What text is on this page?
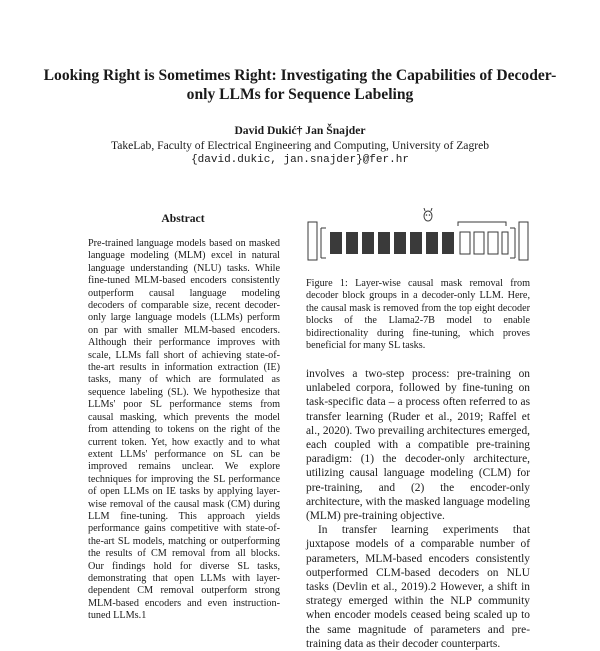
Looking Right is Sometimes Right: Investigating the Capabilities of Decoder-only LLMs for Sequence Labeling
David Dukić† Jan Šnajder
TakeLab, Faculty of Electrical Engineering and Computing, University of Zagreb
{david.dukic, jan.snajder}@fer.hr
Abstract
Pre-trained language models based on masked language modeling (MLM) excel in natural language understanding (NLU) tasks. While fine-tuned MLM-based encoders consistently outperform causal language modeling decoders of comparable size, recent decoder-only large language models (LLMs) perform on par with smaller MLM-based encoders. Although their performance improves with scale, LLMs fall short of achieving state-of-the-art results in information extraction (IE) tasks, many of which are formulated as sequence labeling (SL). We hypothesize that LLMs' poor SL performance stems from causal masking, which prevents the model from attending to tokens on the right of the current token. Yet, how exactly and to what extent LLMs' performance on SL can be improved remains unclear. We explore techniques for improving the SL performance of open LLMs on IE tasks by applying layer-wise removal of the causal mask (CM) during LLM fine-tuning. This approach yields performance gains competitive with state-of-the-art SL models, matching or outperforming the results of CM removal from all blocks. Our findings hold for diverse SL tasks, demonstrating that open LLMs with layer-dependent CM removal outperform strong MLM-based encoders and even instruction-tuned LLMs.1
Figure 1: Layer-wise causal mask removal from decoder block groups in a decoder-only LLM. Here, the causal mask is removed from the top eight decoder blocks of the Llama2-7B model to enable bidirectionality during fine-tuning, which proves beneficial for many SL tasks.

involves a two-step process: pre-training on unlabeled corpora, followed by fine-tuning on task-specific data – a process often referred to as transfer learning (Ruder et al., 2019; Raffel et al., 2020). Two prevailing architectures emerged, each coupled with a compatible pre-training paradigm: (1) the decoder-only architecture, utilizing causal language modeling (CLM) for pre-training, and (2) the encoder-only architecture, with the masked language modeling (MLM) pre-training objective.

In transfer learning experiments that juxtapose models of a comparable number of parameters, MLM-based encoders consistently outperformed CLM-based decoders on NLU tasks (Devlin et al., 2019).2 However, a shift in strategy emerged within the NLP community when encoder models ceased being scaled up to the same magnitude of parameters and pre-training data as their decoder counterparts.
